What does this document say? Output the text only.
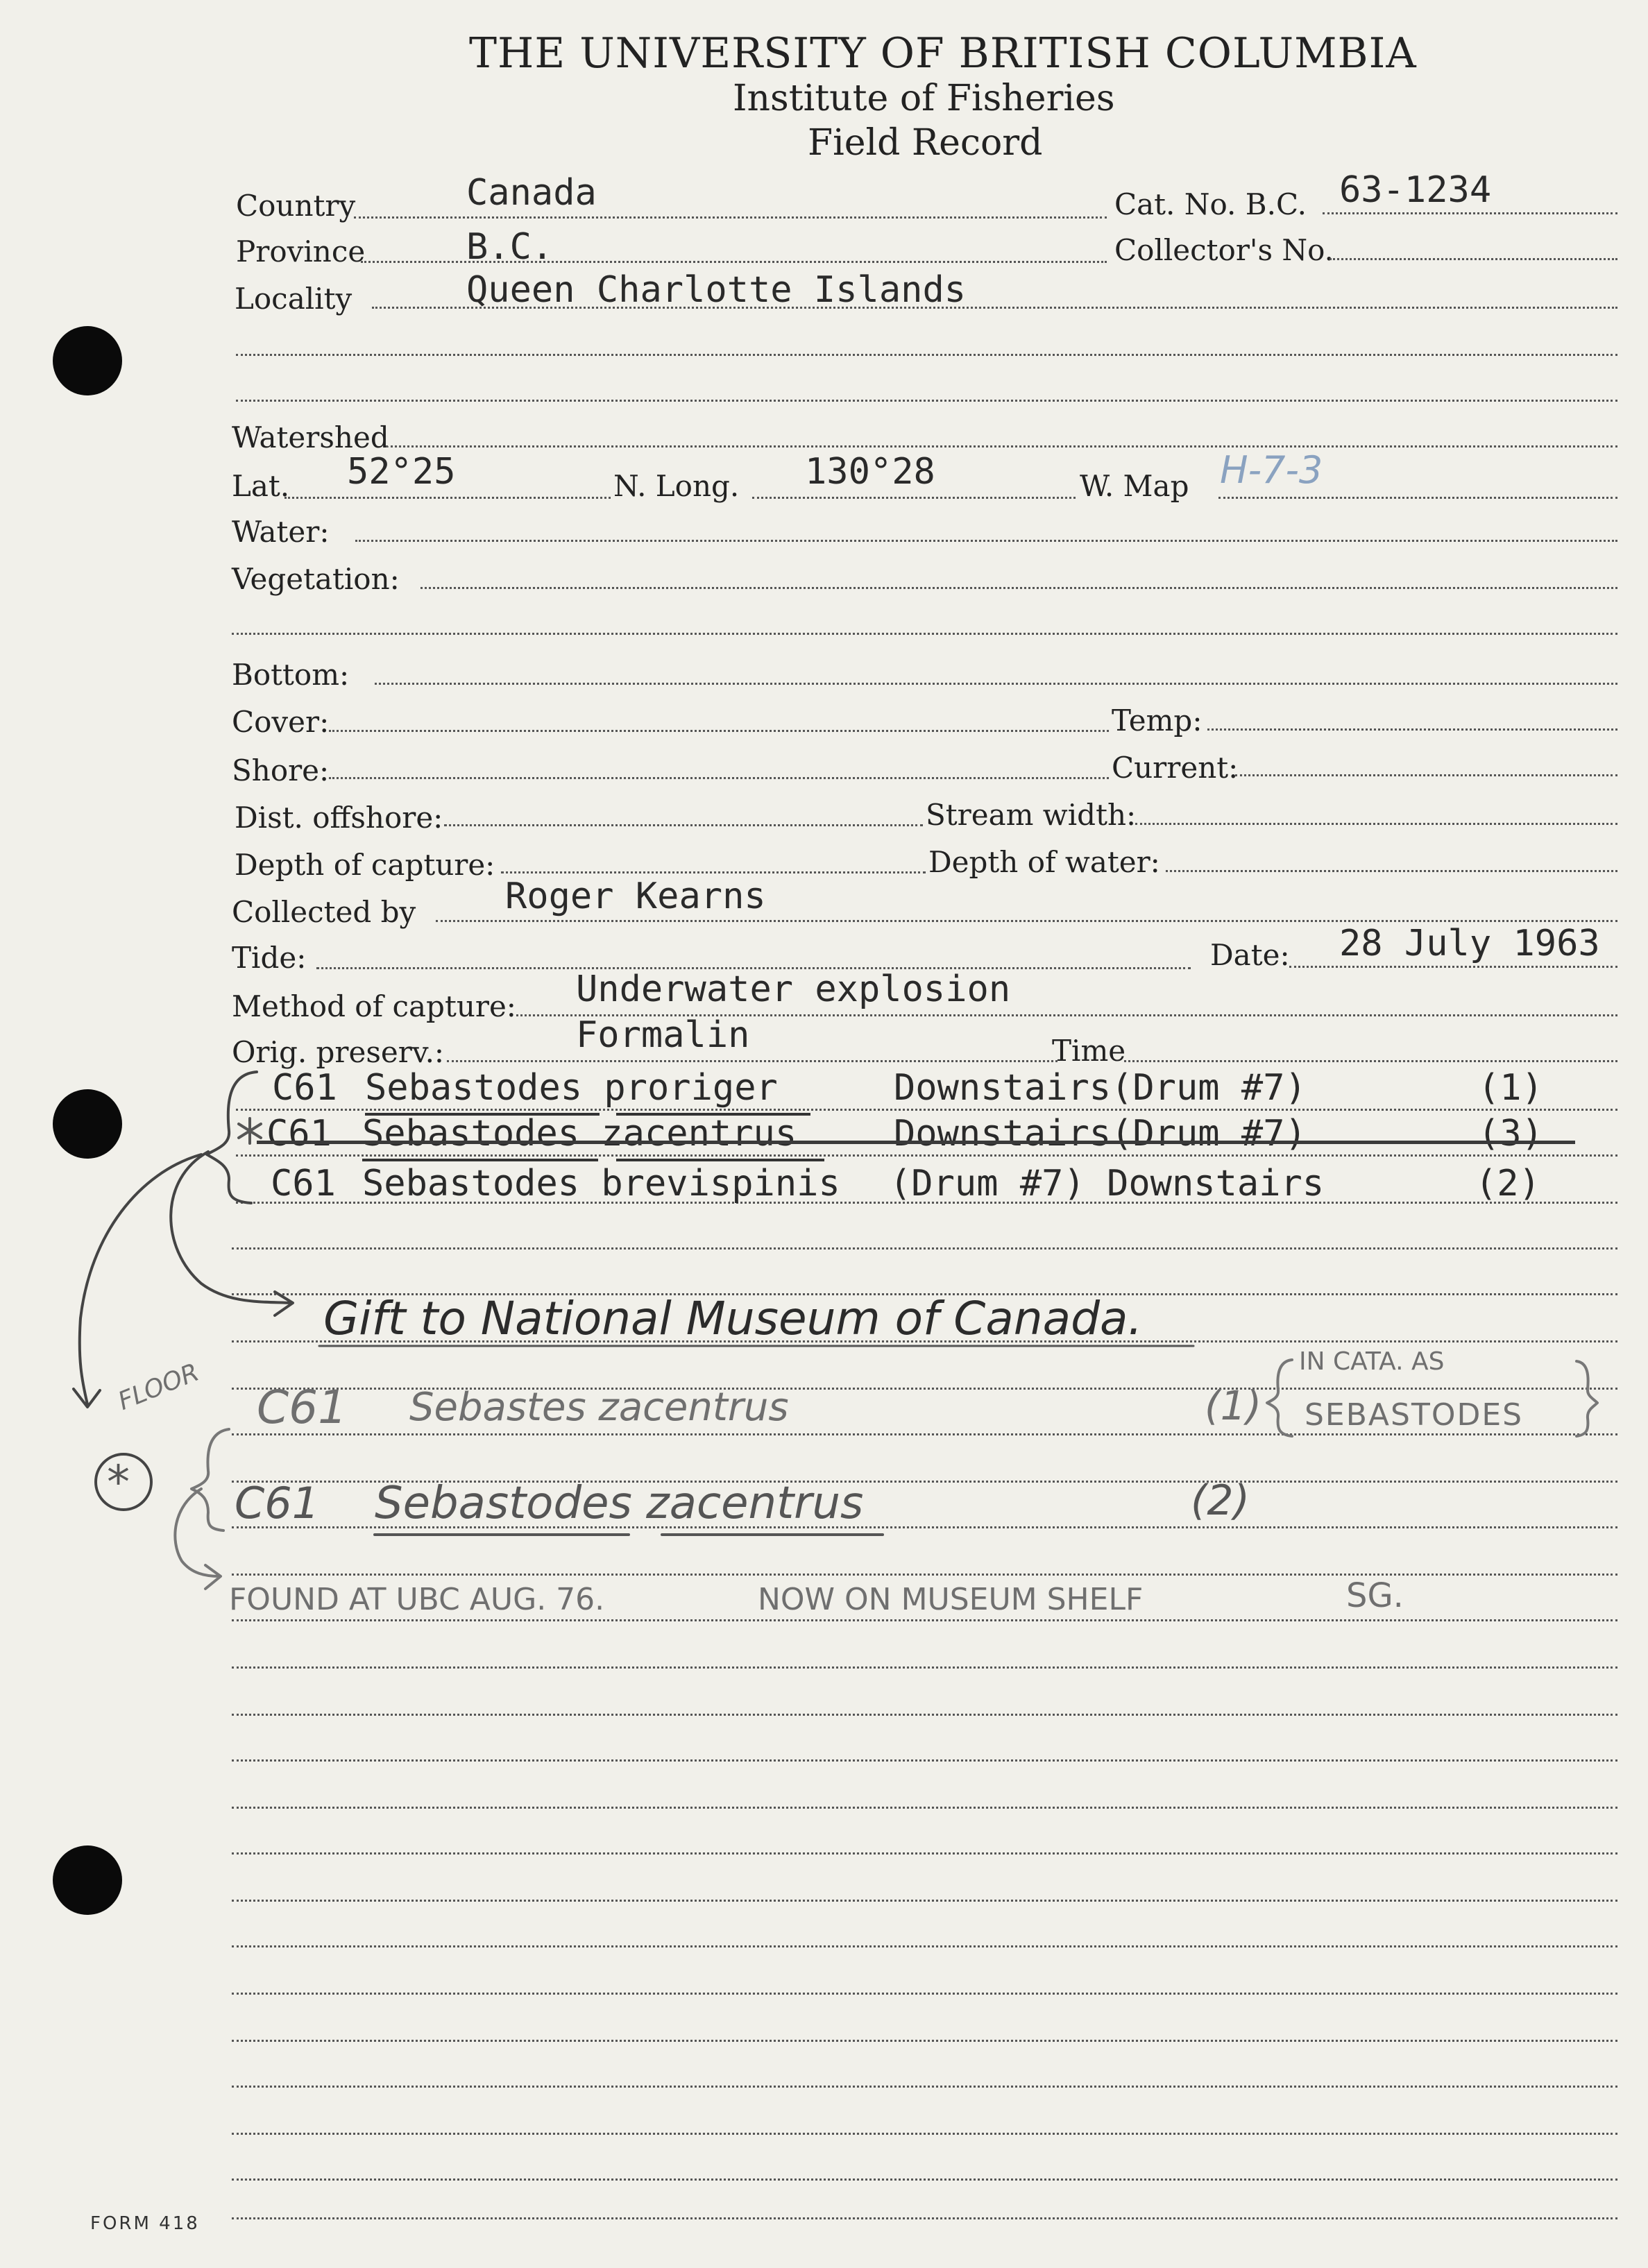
THE UNIVERSITY OF BRITISH COLUMBIA
Institute of Fisheries
Field Record
Country	Canada	Cat. No. B.C. 63-1234
Province	B.C.	Collector's No.
Locality	Queen Charlotte Islands
Watershed
Lat. 52°25	N. Long. 130°28	W. Map H-7-3
Water:
Vegetation:
Bottom:
Cover:	Temp:
Shore:	Current:
Dist. offshore:	Stream width:
Depth of capture:	Depth of water:
Collected by Roger Kearns
Tide:	Date: 28 July 1963
Method of capture: Underwater explosion
Orig. preserv.:	Formalin	Time
C61 Sebastodes proriger	Downstairs(Drum #7)	(1)
C61 Sebastodes zacentrus	Downstairs(Drum #7)	(3)
C61 Sebastodes brevispinis (Drum #7) Downstairs	(2)
Gift to National Museum of Canada.
FLOOR C61 Sebastes zacentrus	(1)
IN CATA. AS
SEBASTODES
* C61 Sebastodes zacentrus	(2)
FOUND AT UBC AUG. 76.	NOW ON MUSEUM SHELF	SG.
FORM 418
